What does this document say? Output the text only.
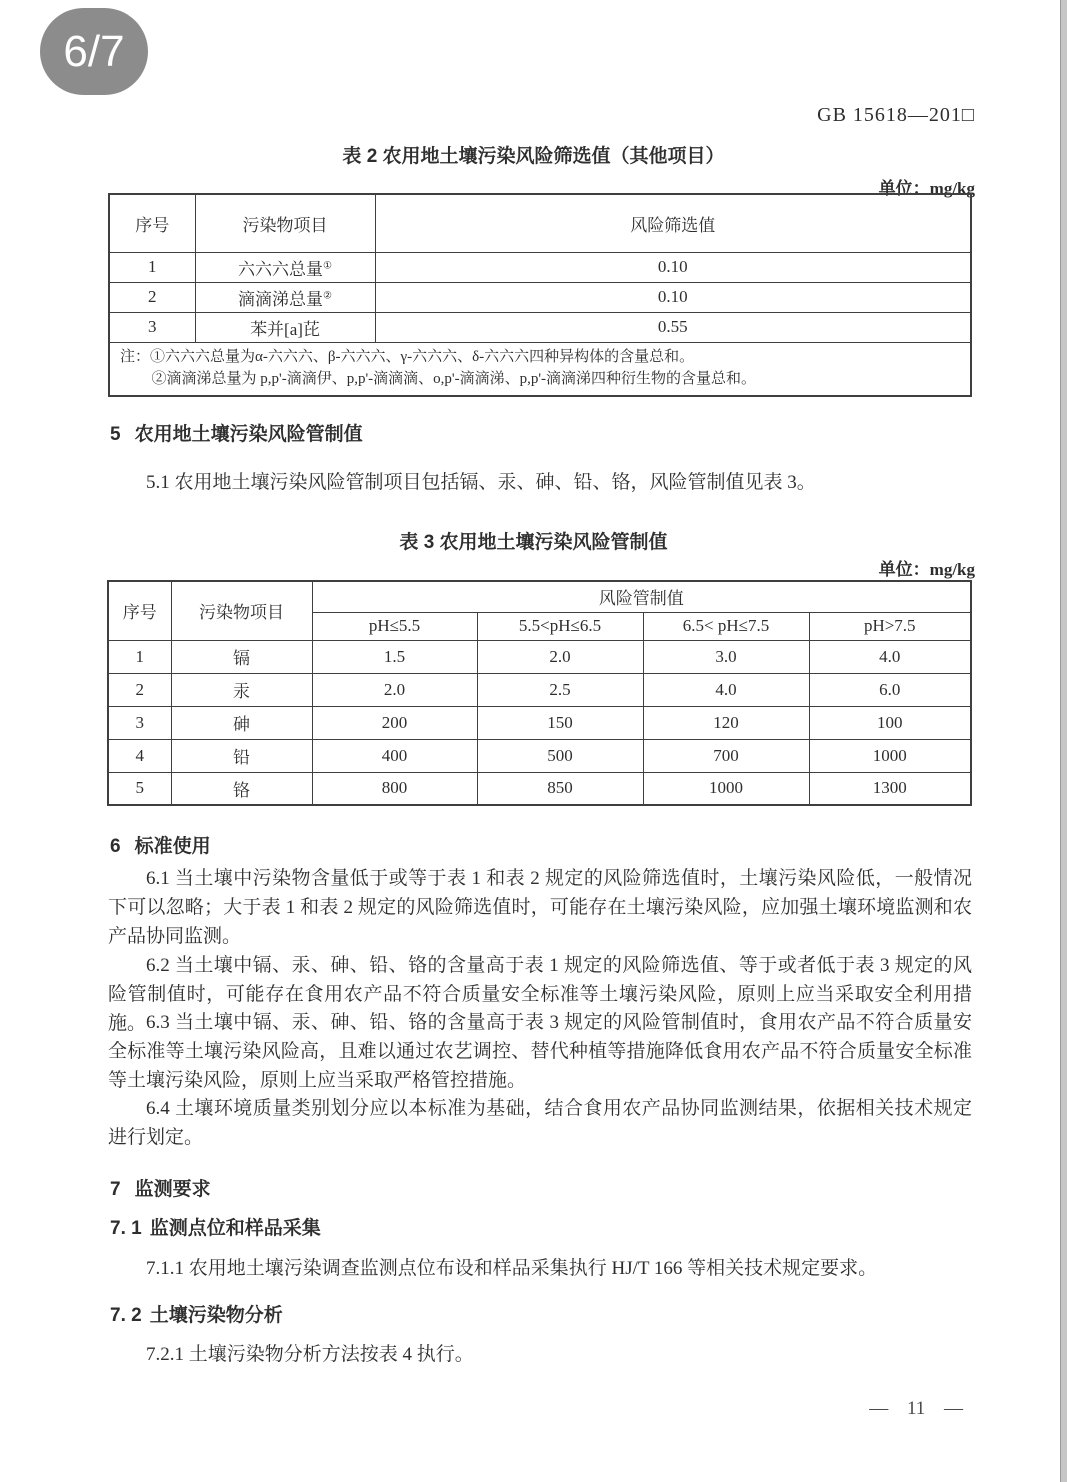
6/7
GB 15618—201□
表 2 农用地土壤污染风险筛选值（其他项目）
单位：mg/kg
序号	污染物项目	风险筛选值
1	六六六总量①	0.10
2	滴滴涕总量②	0.10
3	苯并[a]芘	0.55

注：①六六六总量为α-六六六、β-六六六、γ-六六六、δ-六六六四种异构体的含量总和。
②滴滴涕总量为 p,p'-滴滴伊、p,p'-滴滴滴、o,p'-滴滴涕、p,p'-滴滴涕四种衍生物的含量总和。		
5 农用地土壤污染风险管制值
5.1 农用地土壤污染风险管制项目包括镉、汞、砷、铅、铬，风险管制值见表 3。
表 3 农用地土壤污染风险管制值
单位：mg/kg
序号	污染物项目	风险管制值			
		pH≤5.5	5.5<pH≤6.5	6.5< pH≤7.5	pH>7.5
1	镉	1.5	2.0	3.0	4.0
2	汞	2.0	2.5	4.0	6.0
3	砷	200	150	120	100
4	铅	400	500	700	1000
5	铬	800	850	1000	1300
6 标准使用
6.1 当土壤中污染物含量低于或等于表 1 和表 2 规定的风险筛选值时，土壤污染风险低，一般情况下可以忽略；大于表 1 和表 2 规定的风险筛选值时，可能存在土壤污染风险，应加强土壤环境监测和农产品协同监测。
6.2 当土壤中镉、汞、砷、铅、铬的含量高于表 1 规定的风险筛选值、等于或者低于表 3 规定的风险管制值时，可能存在食用农产品不符合质量安全标准等土壤污染风险，原则上应当采取安全利用措施。 6.3 当土壤中镉、汞、砷、铅、铬的含量高于表 3 规定的风险管制值时，食用农产品不符合质量安全标准等土壤污染风险高，且难以通过农艺调控、替代种植等措施降低食用农产品不符合质量安全标准等土壤污染风险，原则上应当采取严格管控措施。
6.4 土壤环境质量类别划分应以本标准为基础，结合食用农产品协同监测结果，依据相关技术规定进行划定。
7 监测要求
7. 1 监测点位和样品采集
7.1.1 农用地土壤污染调查监测点位布设和样品采集执行 HJ/T 166 等相关技术规定要求。
7. 2 土壤污染物分析
7.2.1 土壤污染物分析方法按表 4 执行。
— 11 —
